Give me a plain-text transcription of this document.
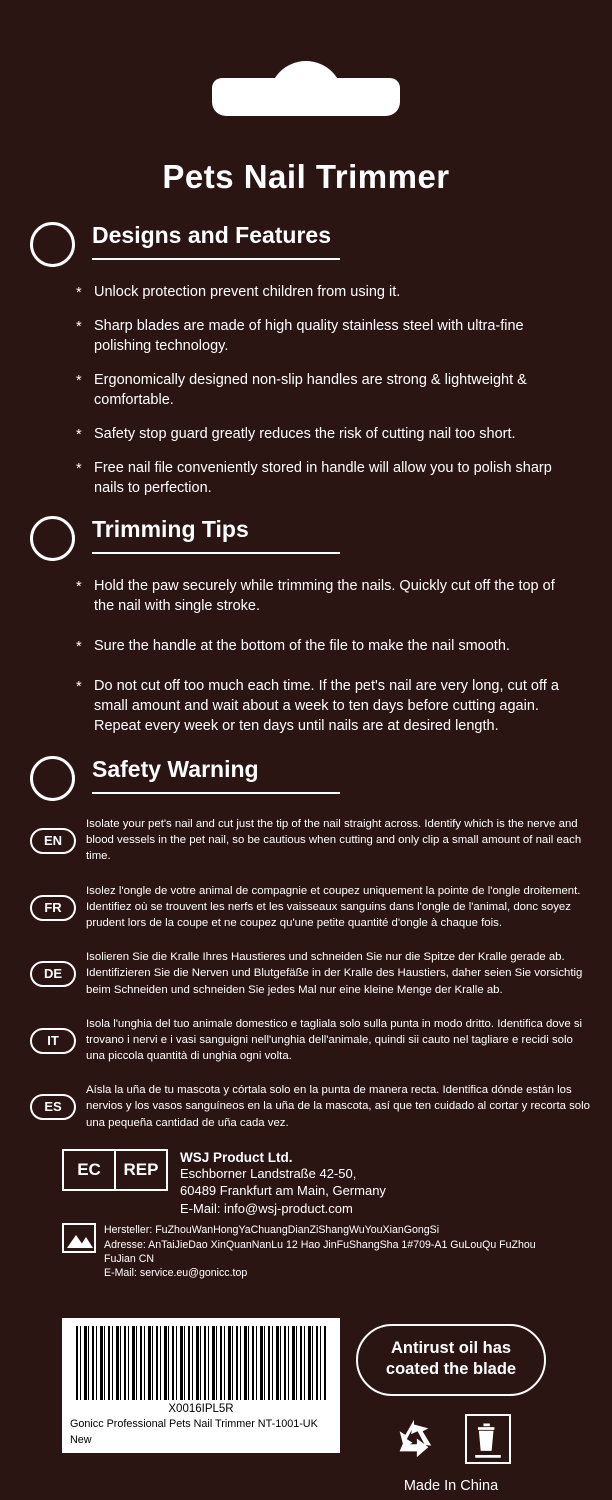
Pets Nail Trimmer
Designs and Features
* Unlock protection prevent children from using it.
* Sharp blades are made of high quality stainless steel with ultra-fine polishing technology.
* Ergonomically designed non-slip handles are strong & lightweight & comfortable.
* Safety stop guard greatly reduces the risk of cutting nail too short.
* Free nail file conveniently stored in handle will allow you to polish sharp nails to perfection.
Trimming Tips
* Hold the paw securely while trimming the nails. Quickly cut off the top of the nail with single stroke.
* Sure the handle at the bottom of the file to make the nail smooth.
* Do not cut off too much each time. If the pet's nail are very long, cut off a small amount and wait about a week to ten days before cutting again. Repeat every week or ten days until nails are at desired length.
Safety Warning
EN
Isolate your pet's nail and cut just the tip of the nail straight across. Identify which is the nerve and blood vessels in the pet nail, so be cautious when cutting and only clip a small amount of nail each time.
FR
Isolez l'ongle de votre animal de compagnie et coupez uniquement la pointe de l'ongle droitement. Identifiez où se trouvent les nerfs et les vaisseaux sanguins dans l'ongle de l'animal, donc soyez prudent lors de la coupe et ne coupez qu'une petite quantité d'ongle à chaque fois.
DE
Isolieren Sie die Kralle Ihres Haustieres und schneiden Sie nur die Spitze der Kralle gerade ab. Identifizieren Sie die Nerven und Blutgefäße in der Kralle des Haustiers, daher seien Sie vorsichtig beim Schneiden und schneiden Sie jedes Mal nur eine kleine Menge der Kralle ab.
IT
Isola l'unghia del tuo animale domestico e tagliala solo sulla punta in modo dritto. Identifica dove si trovano i nervi e i vasi sanguigni nell'unghia dell'animale, quindi sii cauto nel tagliare e recidi solo una piccola quantità di unghia ogni volta.
ES
Aísla la uña de tu mascota y córtala solo en la punta de manera recta. Identifica dónde están los nervios y los vasos sanguíneos en la uña de la mascota, así que ten cuidado al cortar y recorta solo una pequeña cantidad de uña cada vez.
EC	REP
WSJ Product Ltd.
Eschborner Landstraße 42-50,
60489 Frankfurt am Main, Germany
E-Mail: info@wsj-product.com
Hersteller: FuZhouWanHongYaChuangDianZiShangWuYouXianGongSi
Adresse: AnTaiJieDao XinQuanNanLu 12 Hao JinFuShangSha 1#709-A1 GuLouQu FuZhou
FuJian CN
E-Mail: service.eu@gonicc.top
X0016IPL5R
Gonicc Professional Pets Nail Trimmer NT-1001-UK
New
Antirust oil has
coated the blade
Made In China
